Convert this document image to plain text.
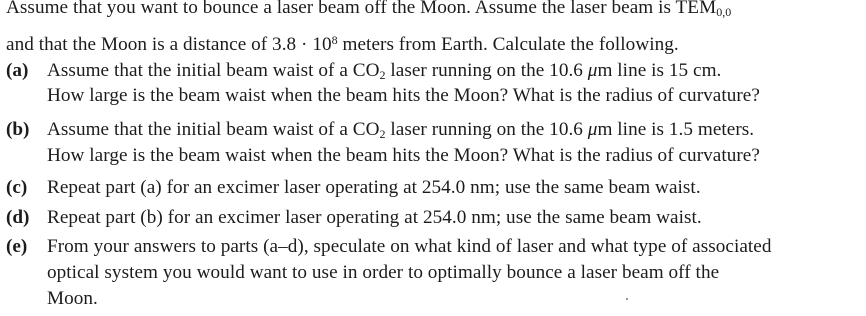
Assume that you want to bounce a laser beam off the Moon. Assume the laser beam is $TEM_{0,0}$
and that the Moon is a distance of $3.8 \cdot 10^8$ meters from Earth. Calculate the following.
(a) Assume that the initial beam waist of a $CO_2$ laser running on the 10.6 μm line is 15 cm.
How large is the beam waist when the beam hits the Moon? What is the radius of curvature?
(b) Assume that the initial beam waist of a $CO_2$ laser running on the 10.6 μm line is 1.5 meters.
How large is the beam waist when the beam hits the Moon? What is the radius of curvature?
(c) Repeat part (a) for an excimer laser operating at 254.0 nm; use the same beam waist.
(d) Repeat part (b) for an excimer laser operating at 254.0 nm; use the same beam waist.
(e) From your answers to parts (a–d), speculate on what kind of laser and what type of associated
optical system you would want to use in order to optimally bounce a laser beam off the
Moon.
